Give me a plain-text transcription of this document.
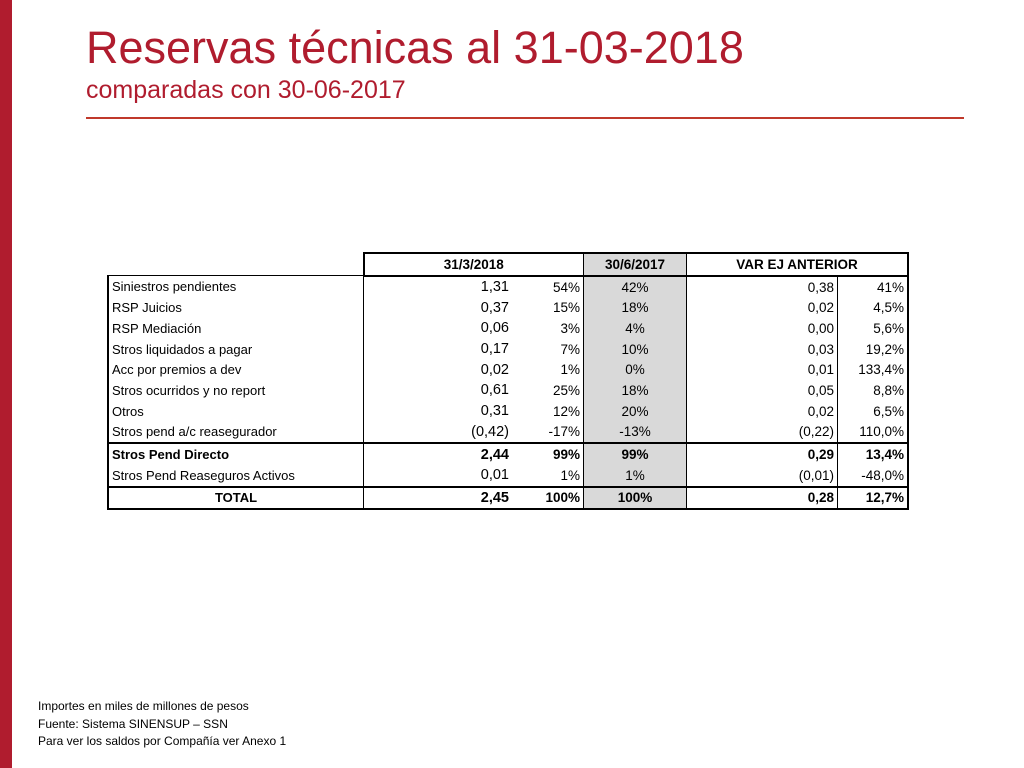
Reservas técnicas al 31-03-2018
comparadas con 30-06-2017
	31/3/2018		30/6/2017	VAR EJ ANTERIOR	
Siniestros pendientes	1,31	54%	42%	0,38	41%
RSP Juicios	0,37	15%	18%	0,02	4,5%
RSP Mediación	0,06	3%	4%	0,00	5,6%
Stros liquidados a pagar	0,17	7%	10%	0,03	19,2%
Acc por premios a dev	0,02	1%	0%	0,01	133,4%
Stros ocurridos y no report	0,61	25%	18%	0,05	8,8%
Otros	0,31	12%	20%	0,02	6,5%
Stros pend a/c reasegurador	(0,42)	-17%	-13%	(0,22)	110,0%
Stros Pend Directo	2,44	99%	99%	0,29	13,4%
Stros Pend Reaseguros Activos	0,01	1%	1%	(0,01)	-48,0%
TOTAL	2,45	100%	100%	0,28	12,7%
Importes en miles de millones de pesos
Fuente: Sistema SINENSUP – SSN
Para ver los saldos por Compañía ver Anexo 1
